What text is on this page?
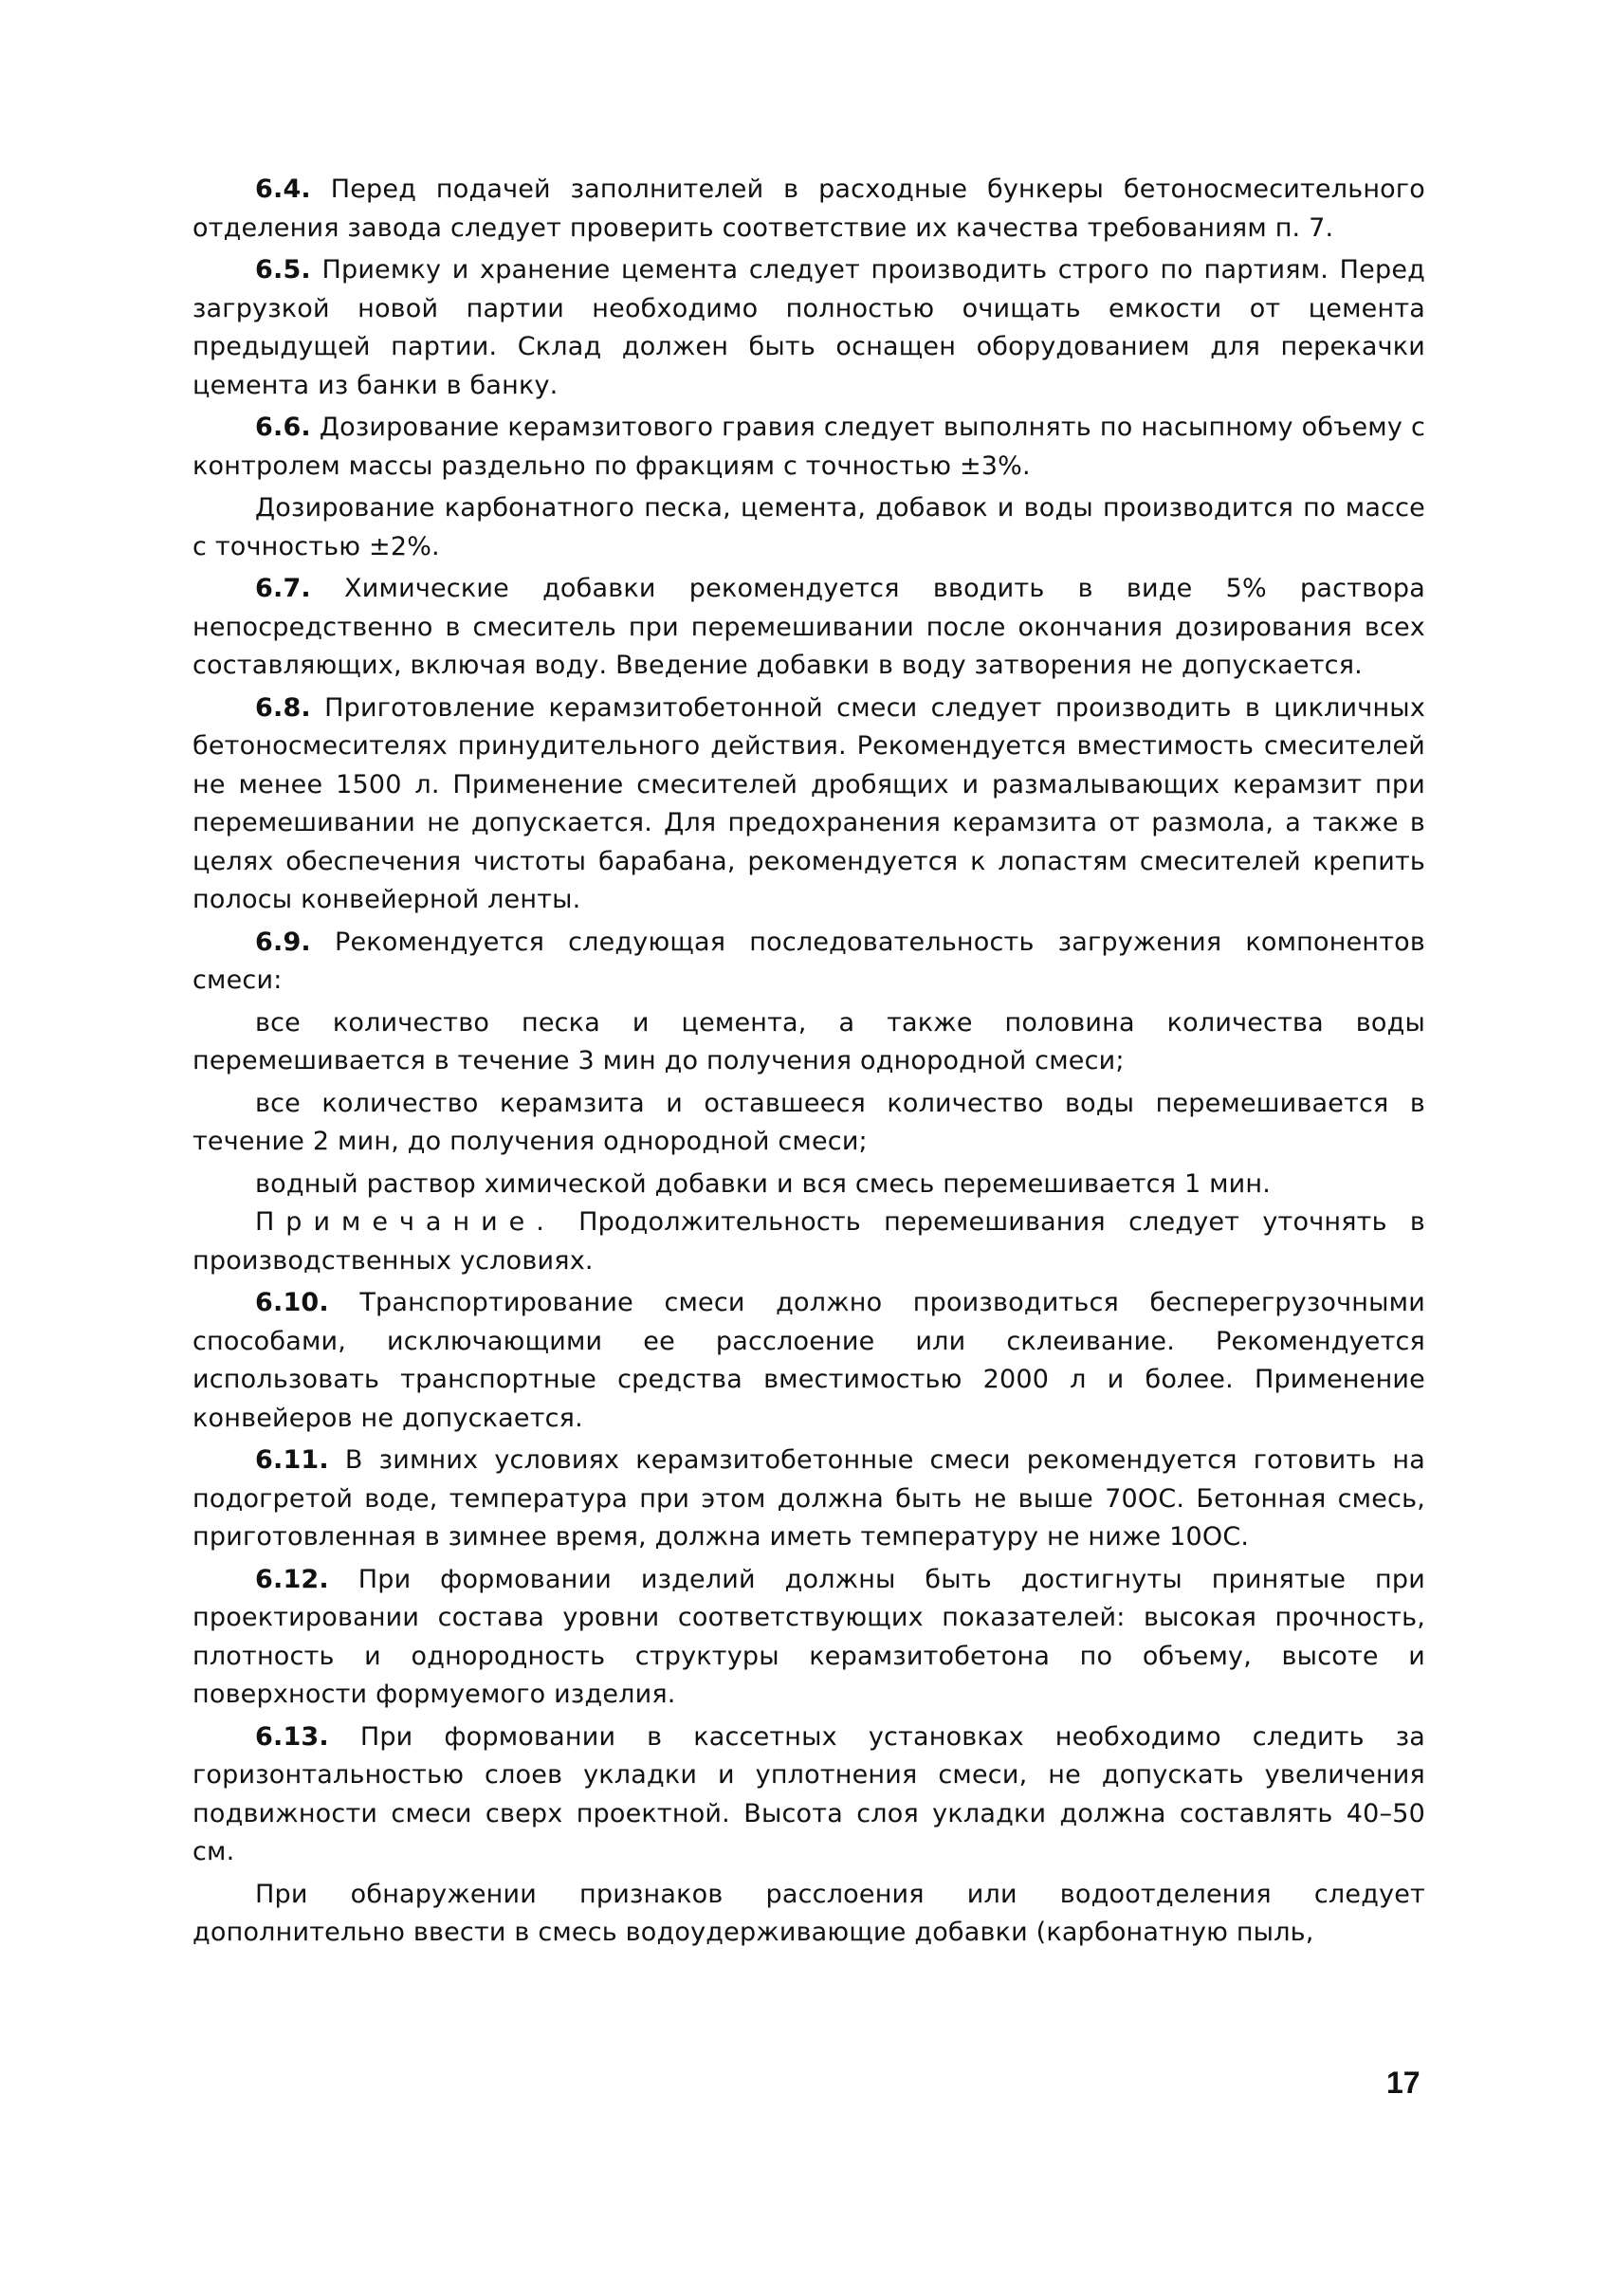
6.4. Перед подачей заполнителей в расходные бункеры бетоносмесительного отделения завода следует проверить соответствие их качества требованиям п. 7.

6.5. Приемку и хранение цемента следует производить строго по партиям. Перед загрузкой новой партии необходимо полностью очищать емкости от цемента предыдущей партии. Склад должен быть оснащен оборудованием для перекачки цемента из банки в банку.

6.6. Дозирование керамзитового гравия следует выполнять по насыпному объему с контролем массы раздельно по фракциям с точностью ±3%.

Дозирование карбонатного песка, цемента, добавок и воды производится по массе с точностью ±2%.

6.7. Химические добавки рекомендуется вводить в виде 5% раствора непосредственно в смеситель при перемешивании после окончания дозирования всех составляющих, включая воду. Введение добавки в воду затворения не допускается.

6.8. Приготовление керамзитобетонной смеси следует производить в цикличных бетоносмесителях принудительного действия. Рекомендуется вместимость смесителей не менее 1500 л. Применение смесителей дробящих и размалывающих керамзит при перемешивании не допускается. Для предохранения керамзита от размола, а также в целях обеспечения чистоты барабана, рекомендуется к лопастям смесителей крепить полосы конвейерной ленты.

6.9. Рекомендуется следующая последовательность загружения компонентов смеси:

все количество песка и цемента, а также половина количества воды перемешивается в течение 3 мин до получения однородной смеси;

все количество керамзита и оставшееся количество воды перемешивается в течение 2 мин, до получения однородной смеси;

водный раствор химической добавки и вся смесь перемешивается 1 мин.

Примечание. Продолжительность перемешивания следует уточнять в производственных условиях.

6.10. Транспортирование смеси должно производиться бесперегрузочными способами, исключающими ее расслоение или склеивание. Рекомендуется использовать транспортные средства вместимостью 2000 л и более. Применение конвейеров не допускается.

6.11. В зимних условиях керамзитобетонные смеси рекомендуется готовить на подогретой воде, температура при этом должна быть не выше 70ОС. Бетонная смесь, приготовленная в зимнее время, должна иметь температуру не ниже 10ОС.

6.12. При формовании изделий должны быть достигнуты принятые при проектировании состава уровни соответствующих показателей: высокая прочность, плотность и однородность структуры керамзитобетона по объему, высоте и поверхности формуемого изделия.

6.13. При формовании в кассетных установках необходимо следить за горизонтальностью слоев укладки и уплотнения смеси, не допускать увеличения подвижности смеси сверх проектной. Высота слоя укладки должна составлять 40–50 см.

При обнаружении признаков расслоения или водоотделения следует дополнительно ввести в смесь водоудерживающие добавки (карбонатную пыль,

17
